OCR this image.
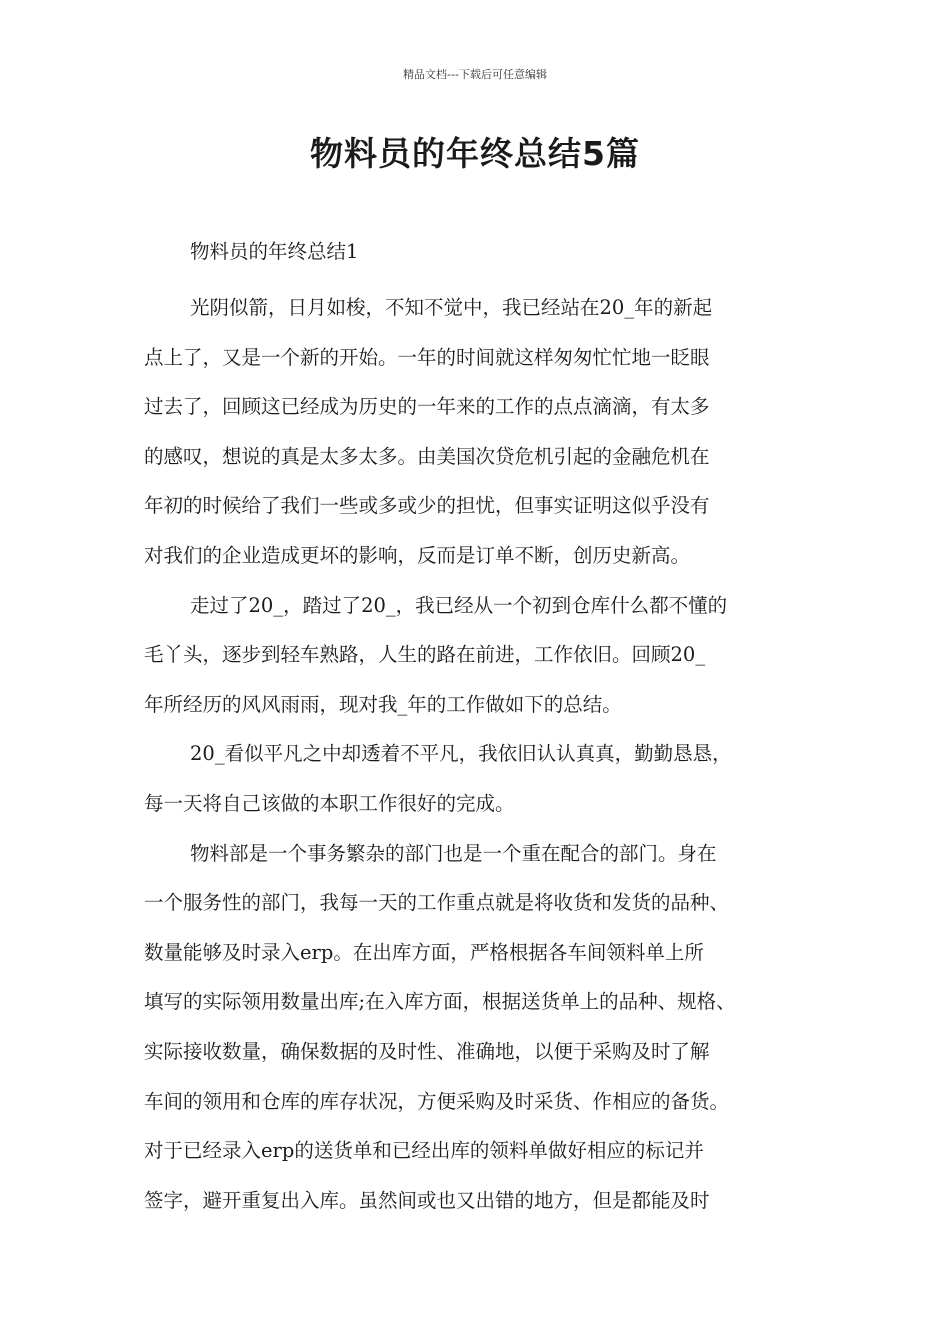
精品文档---下载后可任意编辑
物料员的年终总结5篇
物料员的年终总结1

光阴似箭，日月如梭，不知不觉中，我已经站在20_年的新起
点上了，又是一个新的开始。一年的时间就这样匆匆忙忙地一眨眼
过去了，回顾这已经成为历史的一年来的工作的点点滴滴，有太多
的感叹，想说的真是太多太多。由美国次贷危机引起的金融危机在
年初的时候给了我们一些或多或少的担忧，但事实证明这似乎没有
对我们的企业造成更坏的影响，反而是订单不断，创历史新高。

走过了20_，踏过了20_，我已经从一个初到仓库什么都不懂的
毛丫头，逐步到轻车熟路，人生的路在前进，工作依旧。回顾20_
年所经历的风风雨雨，现对我_年的工作做如下的总结。

20_看似平凡之中却透着不平凡，我依旧认认真真，勤勤恳恳，
每一天将自己该做的本职工作很好的完成。

物料部是一个事务繁杂的部门也是一个重在配合的部门。身在
一个服务性的部门，我每一天的工作重点就是将收货和发货的品种、
数量能够及时录入erp。在出库方面，严格根据各车间领料单上所
填写的实际领用数量出库;在入库方面，根据送货单上的品种、规格、
实际接收数量，确保数据的及时性、准确地，以便于采购及时了解
车间的领用和仓库的库存状况，方便采购及时采货、作相应的备货。
对于已经录入erp的送货单和已经出库的领料单做好相应的标记并
签字，避开重复出入库。虽然间或也又出错的地方，但是都能及时
